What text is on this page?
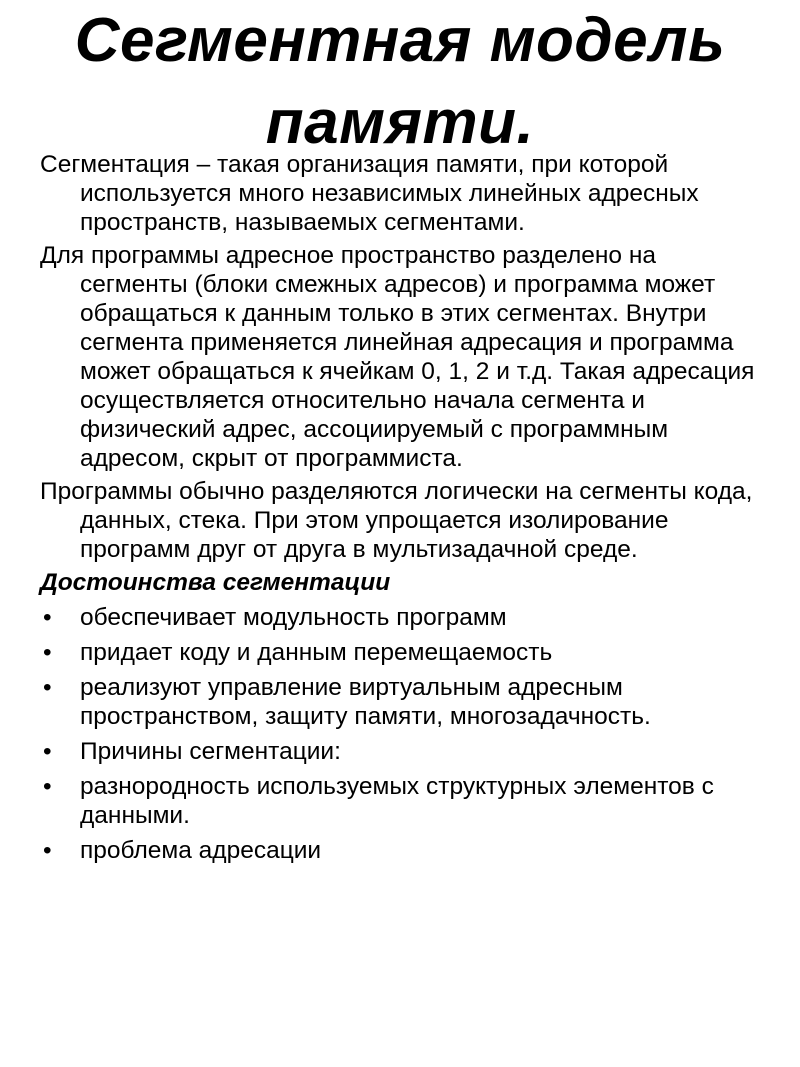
Сегментная модель
памяти.

Сегментация – такая организация памяти, при которой используется много независимых линейных адресных пространств, называемых сегментами.

Для программы адресное пространство разделено на сегменты (блоки смежных адресов) и программа может обращаться к данным только в этих сегментах. Внутри сегмента применяется линейная адресация и программа может обращаться к ячейкам 0, 1, 2 и т.д. Такая адресация осуществляется относительно начала сегмента и физический адрес, ассоциируемый с программным адресом, скрыт от программиста.

Программы обычно разделяются логически на сегменты кода, данных, стека. При этом упрощается изолирование программ друг от друга в мультизадачной среде.

Достоинства сегментации

•	обеспечивает модульность программ
•	придает коду и данным перемещаемость
•	реализуют управление виртуальным адресным пространством, защиту памяти, многозадачность.
•	Причины сегментации:
•	разнородность используемых структурных элементов с данными.
•	проблема адресации
